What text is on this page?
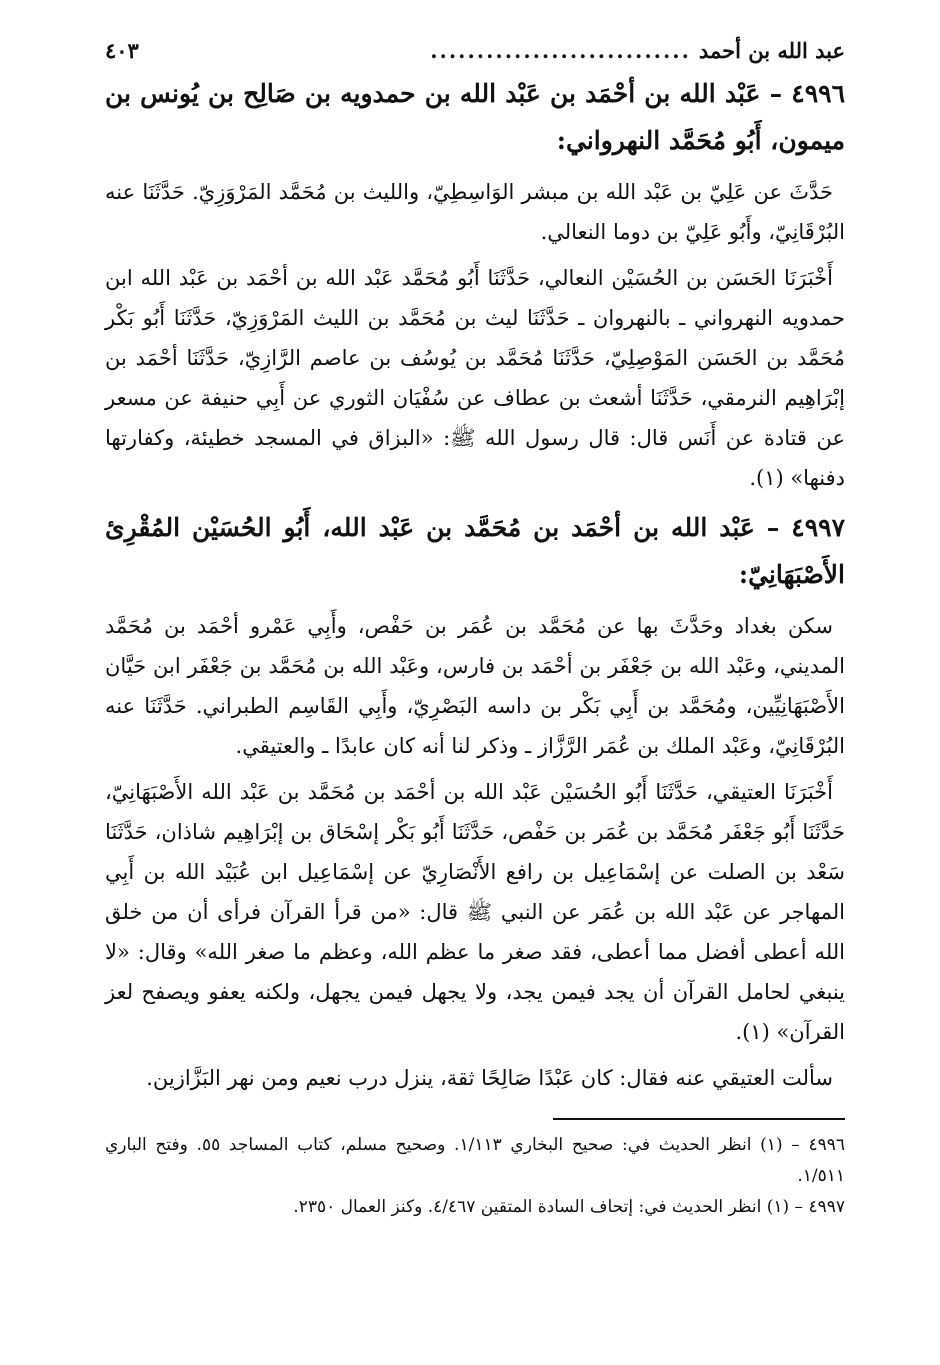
عبد الله بن أحمد
............................
٤٠٣
٤٩٩٦ – عَبْد الله بن أحْمَد بن عَبْد الله بن حمدويه بن صَالِح بن يُونس بن ميمون، أَبُو مُحَمَّد النهرواني:

حَدَّثَ عن عَلِيّ بن عَبْد الله بن مبشر الوَاسِطِيّ، والليث بن مُحَمَّد المَرْوَزِيّ. حَدَّثَنَا عنه البُرْقَانِيّ، وأَبُو عَلِيّ بن دوما النعالي.

أَخْبَرَنَا الحَسَن بن الحُسَيْن النعالي، حَدَّثَنَا أَبُو مُحَمَّد عَبْد الله بن أحْمَد بن عَبْد الله ابن حمدويه النهرواني ـ بالنهروان ـ حَدَّثَنَا ليث بن مُحَمَّد بن الليث المَرْوَزِيّ، حَدَّثَنَا أَبُو بَكْر مُحَمَّد بن الحَسَن المَوْصِلِيّ، حَدَّثَنَا مُحَمَّد بن يُوسُف بن عاصم الرَّازِيّ، حَدَّثَنَا أحْمَد بن إبْرَاهِيم النرمقي، حَدَّثَنَا أشعث بن عطاف عن سُفْيَان الثوري عن أَبِي حنيفة عن مسعر عن قتادة عن أَنَس قال: قال رسول الله ﷺ: «البزاق في المسجد خطيئة، وكفارتها دفنها» (١).

٤٩٩٧ – عَبْد الله بن أحْمَد بن مُحَمَّد بن عَبْد الله، أَبُو الحُسَيْن المُقْرِئ الأَصْبَهَانِيّ:

سكن بغداد وحَدَّثَ بها عن مُحَمَّد بن عُمَر بن حَفْص، وأَبِي عَمْرو أحْمَد بن مُحَمَّد المديني، وعَبْد الله بن جَعْفَر بن أحْمَد بن فارس، وعَبْد الله بن مُحَمَّد بن جَعْفَر ابن حَيَّان الأَصْبَهَانِيِّين، ومُحَمَّد بن أَبِي بَكْر بن داسه البَصْرِيّ، وأَبِي القَاسِم الطبراني. حَدَّثَنَا عنه البُرْقَانِيّ، وعَبْد الملك بن عُمَر الرَّزَّاز ـ وذكر لنا أنه كان عابدًا ـ والعتيقي.

أَخْبَرَنَا العتيقي، حَدَّثَنَا أَبُو الحُسَيْن عَبْد الله بن أحْمَد بن مُحَمَّد بن عَبْد الله الأَصْبَهَانِيّ، حَدَّثَنَا أَبُو جَعْفَر مُحَمَّد بن عُمَر بن حَفْص، حَدَّثَنَا أَبُو بَكْر إسْحَاق بن إبْرَاهِيم شاذان، حَدَّثَنَا سَعْد بن الصلت عن إسْمَاعِيل بن رافع الأَنْصَارِيّ عن إسْمَاعِيل ابن عُبَيْد الله بن أَبِي المهاجر عن عَبْد الله بن عُمَر عن النبي ﷺ قال: «من قرأ القرآن فرأى أن من خلق الله أعطى أفضل مما أعطى، فقد صغر ما عظم الله، وعظم ما صغر الله» وقال: «لا ينبغي لحامل القرآن أن يجد فيمن يجد، ولا يجهل فيمن يجهل، ولكنه يعفو ويصفح لعز القرآن» (١).

سألت العتيقي عنه فقال: كان عَبْدًا صَالِحًا ثقة، ينزل درب نعيم ومن نهر البَزَّازين.

٤٩٩٦ – (١) انظر الحديث في: صحيح البخاري ١/١١٣. وصحيح مسلم، كتاب المساجد ٥٥. وفتح الباري ١/٥١١.

٤٩٩٧ – (١) انظر الحديث في: إتحاف السادة المتقين ٤/٤٦٧. وكنز العمال ٢٣٥٠.
